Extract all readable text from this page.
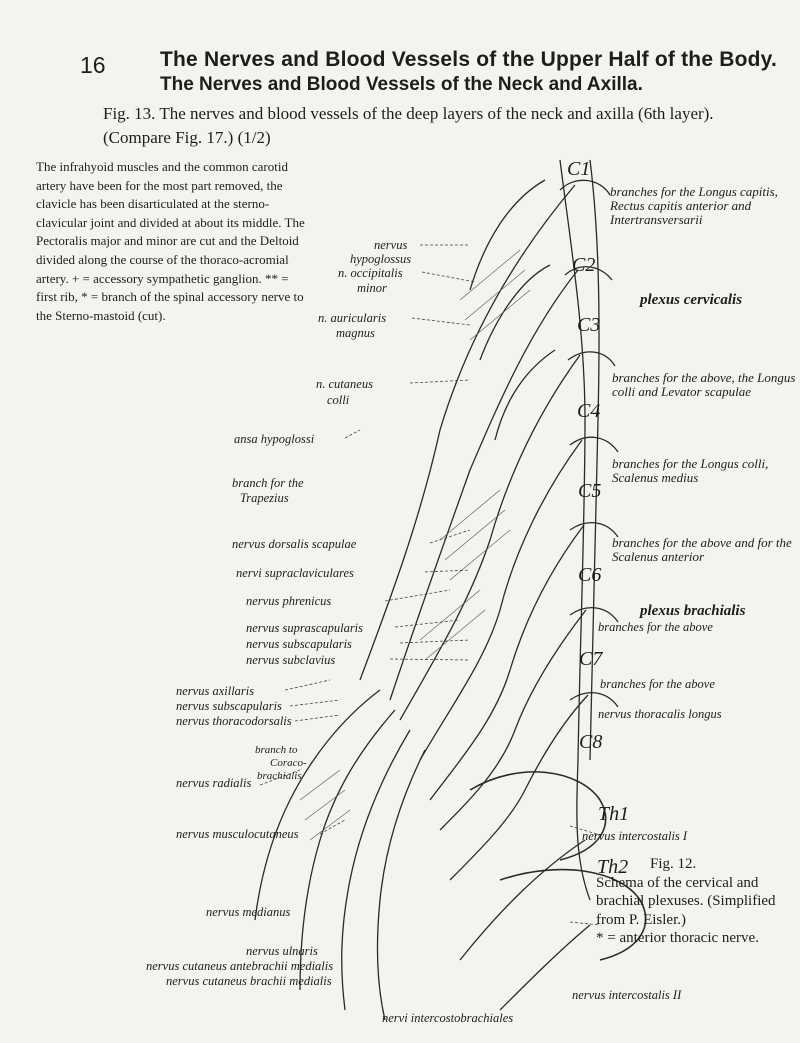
16	The Nerves and Blood Vessels of the Upper Half of the Body.
The Nerves and Blood Vessels of the Neck and Axilla.
Fig. 13. The nerves and blood vessels of the deep layers of the neck and axilla (6th layer). (Compare Fig. 17.) (1/2)
The infrahyoid muscles and the common carotid artery have been for the most part removed, the clavicle has been disarticulated at the sterno-clavicular joint and divided at about its middle. The Pectoralis major and minor are cut and the Deltoid divided along the course of the thoraco-acromial artery. + = accessory sympathetic ganglion. ** = first rib, * = branch of the spinal accessory nerve to the Sterno-mastoid (cut).
nervus
hypoglossus
n. occipitalis
minor
n. auricularis
magnus
n. cutaneus
colli
ansa hypoglossi
branch for the
Trapezius
nervus dorsalis scapulae
nervi supraclaviculares
nervus phrenicus
nervus suprascapularis
nervus subscapularis
nervus subclavius
nervus axillaris
nervus subscapularis
nervus thoracodorsalis
branch to
Coraco-
brachialis
nervus radialis
nervus musculocutaneus
nervus medianus
nervus ulnaris
nervus cutaneus antebrachii medialis
nervus cutaneus brachii medialis
nervi intercostobrachiales
C1
C2
C3
C4
C5
C6
C7
C8
Th1
Th2
branches for the Longus capitis, Rectus capitis anterior and Intertransversarii
plexus cervicalis
branches for the above, the Longus colli and Levator scapulae
branches for the Longus colli, Scalenus medius
branches for the above and for the Scalenus anterior
plexus brachialis
branches for the above
branches for the above
nervus thoracalis longus
nervus intercostalis I
nervus intercostalis II
Fig. 12.
Schema of the cervical and brachial plexuses. (Simplified from P. Eisler.)
* = anterior thoracic nerve.
